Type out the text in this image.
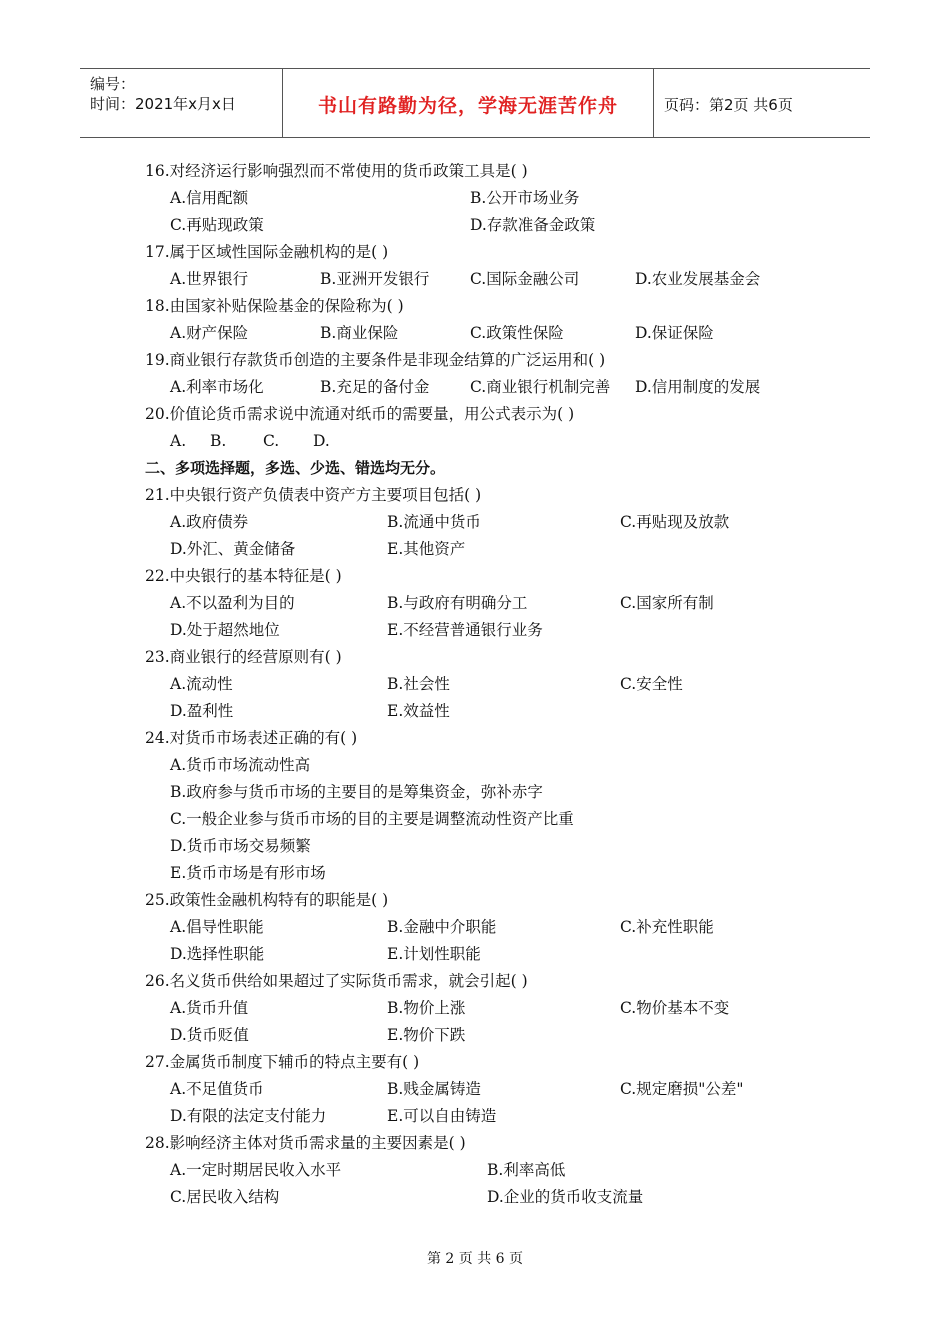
编号：
时间：2021年x月x日	书山有路勤为径，学海无涯苦作舟	页码：第2页 共6页
16.对经济运行影响强烈而不常使用的货币政策工具是( )
A.信用配额	B.公开市场业务
C.再贴现政策	D.存款准备金政策
17.属于区域性国际金融机构的是( )
A.世界银行	B.亚洲开发银行	C.国际金融公司	D.农业发展基金会
18.由国家补贴保险基金的保险称为( )
A.财产保险	B.商业保险	C.政策性保险	D.保证保险
19.商业银行存款货币创造的主要条件是非现金结算的广泛运用和( )
A.利率市场化	B.充足的备付金	C.商业银行机制完善 D.信用制度的发展
20.价值论货币需求说中流通对纸币的需要量，用公式表示为( )
A. B. C. D.
二、多项选择题，多选、少选、错选均无分。
21.中央银行资产负债表中资产方主要项目包括( )
A.政府债券	B.流通中货币	C.再贴现及放款
D.外汇、黄金储备	E.其他资产
22.中央银行的基本特征是( )
A.不以盈利为目的	B.与政府有明确分工	C.国家所有制
D.处于超然地位	E.不经营普通银行业务
23.商业银行的经营原则有( )
A.流动性	B.社会性	C.安全性
D.盈利性	E.效益性
24.对货币市场表述正确的有( )
A.货币市场流动性高
B.政府参与货币市场的主要目的是筹集资金，弥补赤字
C.一般企业参与货币市场的目的主要是调整流动性资产比重
D.货币市场交易频繁
E.货币市场是有形市场
25.政策性金融机构特有的职能是( )
A.倡导性职能	B.金融中介职能	C.补充性职能
D.选择性职能	E.计划性职能
26.名义货币供给如果超过了实际货币需求，就会引起( )
A.货币升值	B.物价上涨	C.物价基本不变
D.货币贬值	E.物价下跌
27.金属货币制度下辅币的特点主要有( )
A.不足值货币	B.贱金属铸造	C.规定磨损"公差"
D.有限的法定支付能力	E.可以自由铸造
28.影响经济主体对货币需求量的主要因素是( )
A.一定时期居民收入水平	B.利率高低
C.居民收入结构	D.企业的货币收支流量
第 2 页 共 6 页
